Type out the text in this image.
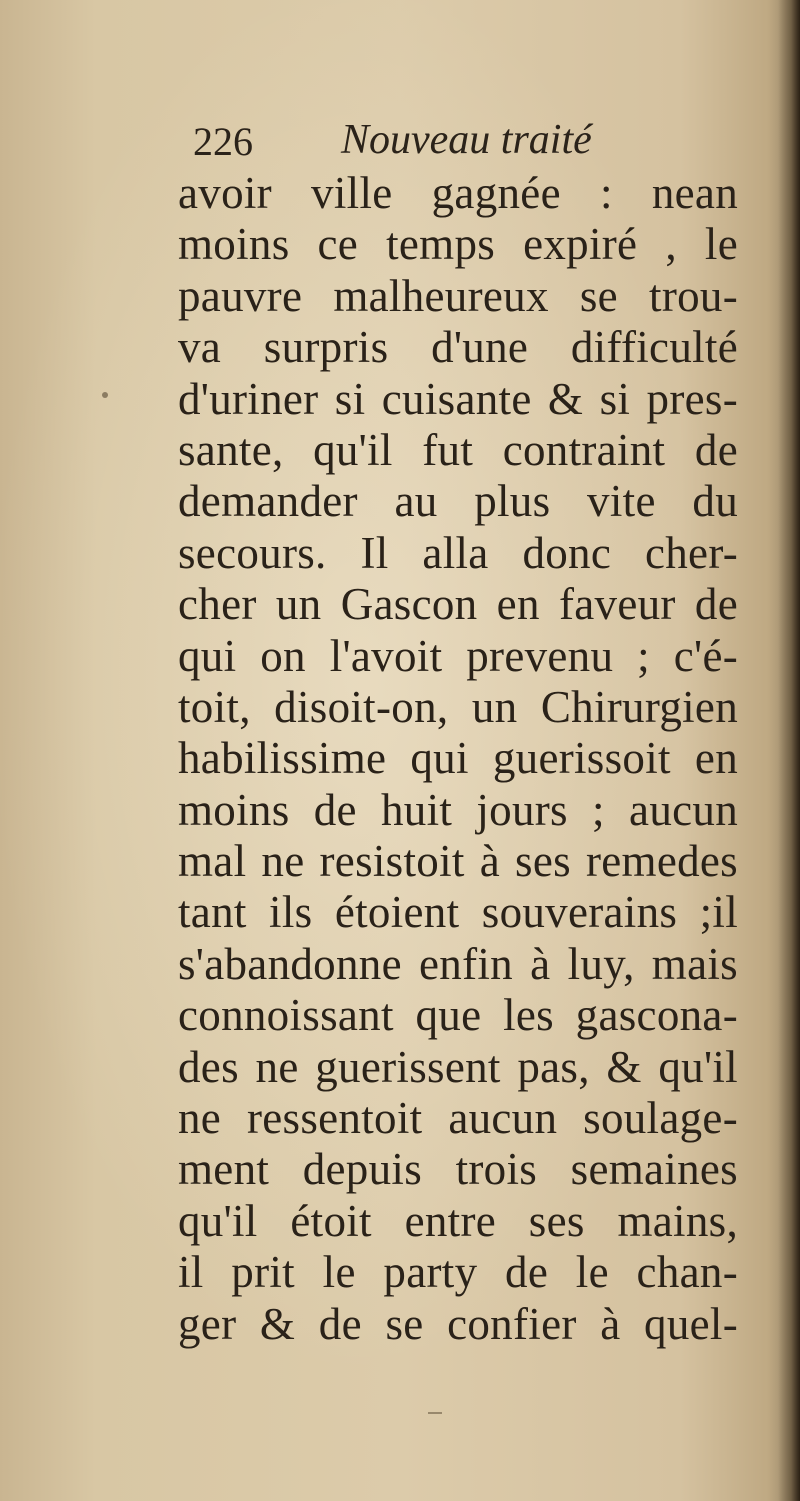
226 Nouveau traité
avoir ville gagnée : nean
moins ce temps expiré , le
pauvre malheureux se trou-
va surpris d'une difficulté
d'uriner si cuisante & si pres-
sante, qu'il fut contraint de
demander au plus vite du
secours. Il alla donc cher-
cher un Gascon en faveur de
qui on l'avoit prevenu ; c'é-
toit, disoit-on, un Chirurgien
habilissime qui guerissoit en
moins de huit jours ; aucun
mal ne resistoit à ses remedes
tant ils étoient souverains ;il
s'abandonne enfin à luy, mais
connoissant que les gascona-
des ne guerissent pas, & qu'il
ne ressentoit aucun soulage-
ment depuis trois semaines
qu'il étoit entre ses mains,
il prit le party de le chan-
ger & de se confier à quel-
